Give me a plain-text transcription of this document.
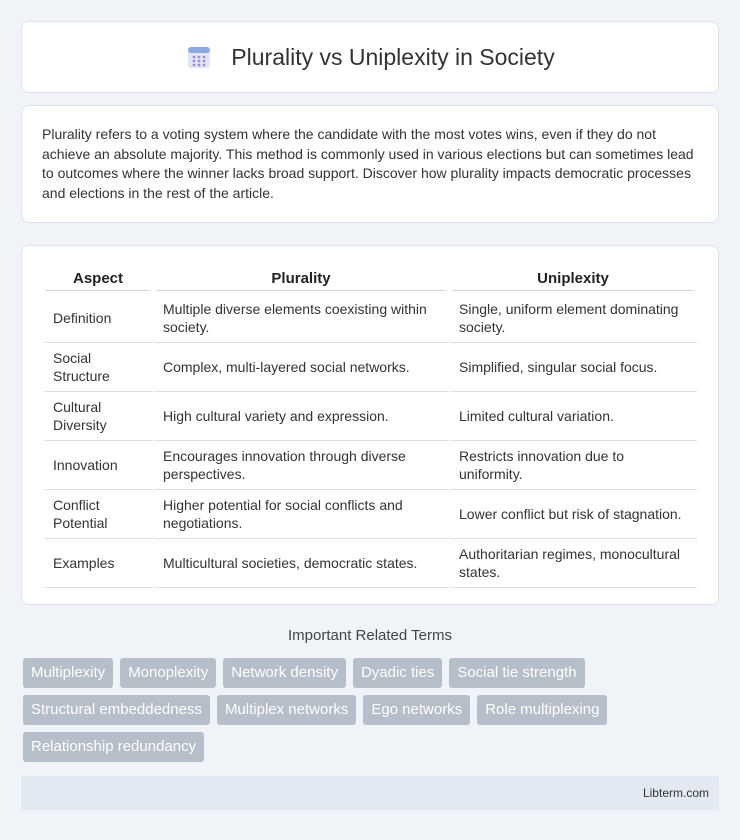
Plurality vs Uniplexity in Society

Plurality refers to a voting system where the candidate with the most votes wins, even if they do not achieve an absolute majority. This method is commonly used in various elections but can sometimes lead to outcomes where the winner lacks broad support. Discover how plurality impacts democratic processes and elections in the rest of the article.

Aspect	Plurality	Uniplexity

Definition	Multiple diverse elements coexisting within society.	Single, uniform element dominating society.
Social Structure	Complex, multi-layered social networks.	Simplified, singular social focus.
Cultural Diversity	High cultural variety and expression.	Limited cultural variation.
Innovation	Encourages innovation through diverse perspectives.	Restricts innovation due to uniformity.
Conflict Potential	Higher potential for social conflicts and negotiations.	Lower conflict but risk of stagnation.
Examples	Multicultural societies, democratic states.	Authoritarian regimes, monocultural states.
Important Related Terms
Multiplexity	Monoplexity	Network density	Dyadic ties	Social tie strength
Structural embeddedness	Multiplex networks	Ego networks	Role multiplexing
Relationship redundancy
Libterm.com
